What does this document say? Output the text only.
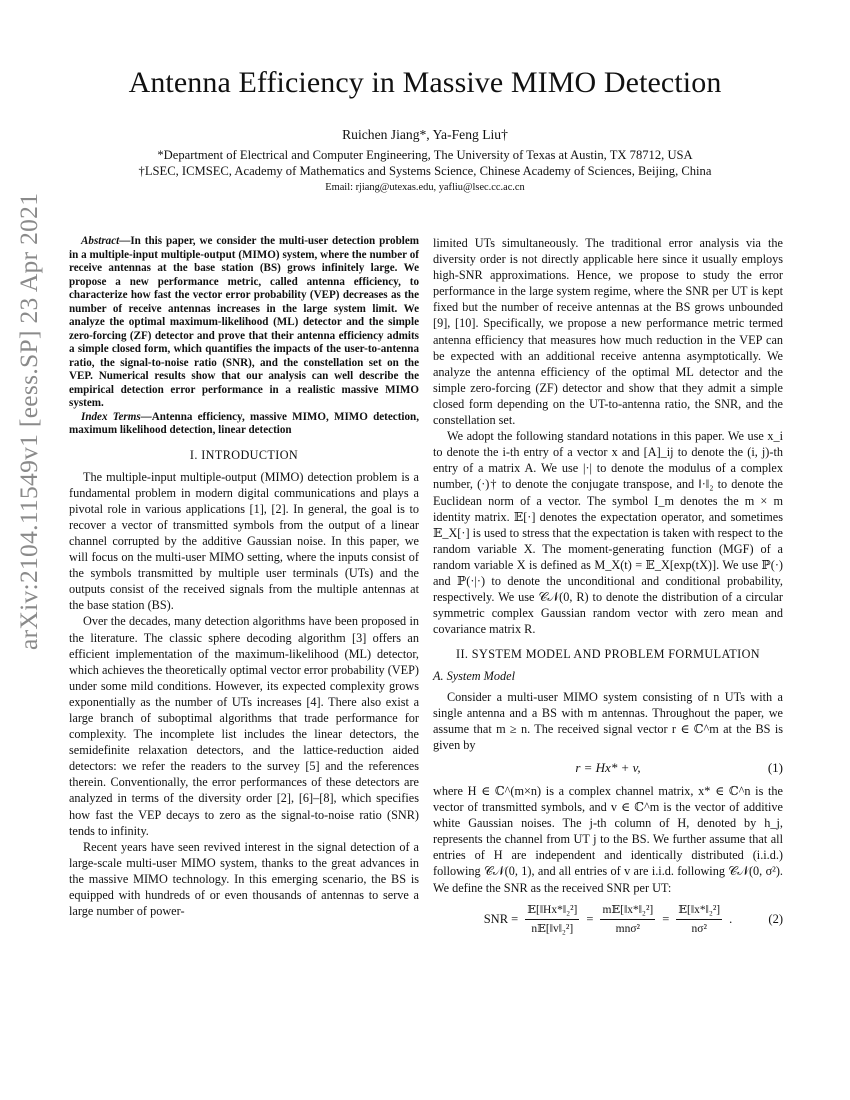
arXiv:2104.11549v1 [eess.SP] 23 Apr 2021
Antenna Efficiency in Massive MIMO Detection
Ruichen Jiang*, Ya-Feng Liu†
*Department of Electrical and Computer Engineering, The University of Texas at Austin, TX 78712, USA
†LSEC, ICMSEC, Academy of Mathematics and Systems Science, Chinese Academy of Sciences, Beijing, China
Email: rjiang@utexas.edu, yafliu@lsec.cc.ac.cn

Abstract—In this paper, we consider the multi-user detection problem in a multiple-input multiple-output (MIMO) system, where the number of receive antennas at the base station (BS) grows infinitely large. We propose a new performance metric, called antenna efficiency, to characterize how fast the vector error probability (VEP) decreases as the number of receive antennas increases in the large system limit. We analyze the optimal maximum-likelihood (ML) detector and the simple zero-forcing (ZF) detector and prove that their antenna efficiency admits a simple closed form, which quantifies the impacts of the user-to-antenna ratio, the signal-to-noise ratio (SNR), and the constellation set on the VEP. Numerical results show that our analysis can well describe the empirical detection error performance in a realistic massive MIMO system.

Index Terms—Antenna efficiency, massive MIMO, MIMO detection, maximum likelihood detection, linear detection

I. INTRODUCTION

The multiple-input multiple-output (MIMO) detection problem is a fundamental problem in modern digital communications and plays a pivotal role in various applications [1], [2]. In general, the goal is to recover a vector of transmitted symbols from the output of a linear channel corrupted by the additive Gaussian noise. In this paper, we will focus on the multi-user MIMO setting, where the inputs consist of the symbols transmitted by multiple user terminals (UTs) and the outputs consist of the received signals from the multiple antennas at the base station (BS).

Over the decades, many detection algorithms have been proposed in the literature. The classic sphere decoding algorithm [3] offers an efficient implementation of the maximum-likelihood (ML) detector, which achieves the theoretically optimal vector error probability (VEP) under some mild conditions. However, its expected complexity grows exponentially as the number of UTs increases [4]. There also exist a large branch of suboptimal algorithms that trade performance for complexity. The incomplete list includes the linear detectors, the semidefinite relaxation detectors, and the lattice-reduction aided detectors: we refer the readers to the survey [5] and the references therein. Conventionally, the error performances of these detectors are analyzed in terms of the diversity order [2], [6]–[8], which specifies how fast the VEP decays to zero as the signal-to-noise ratio (SNR) tends to infinity.

Recent years have seen revived interest in the signal detection of a large-scale multi-user MIMO system, thanks to the great advances in the massive MIMO technology. In this emerging scenario, the BS is equipped with hundreds of or even thousands of antennas to serve a large number of power-

limited UTs simultaneously. The traditional error analysis via the diversity order is not directly applicable here since it usually employs high-SNR approximations. Hence, we propose to study the error performance in the large system regime, where the SNR per UT is kept fixed but the number of receive antennas at the BS grows unbounded [9], [10]. Specifically, we propose a new performance metric termed antenna efficiency that measures how much reduction in the VEP can be expected with an additional receive antenna asymptotically. We analyze the antenna efficiency of the optimal ML detector and the simple zero-forcing (ZF) detector and show that they admit a simple closed form depending on the UT-to-antenna ratio, the SNR, and the constellation set.

We adopt the following standard notations in this paper. We use x_i to denote the i-th entry of a vector x and [A]_ij to denote the (i, j)-th entry of a matrix A. We use |·| to denote the modulus of a complex number, (·)† to denote the conjugate transpose, and ‖·‖₂ to denote the Euclidean norm of a vector. The symbol I_m denotes the m × m identity matrix. 𝔼[·] denotes the expectation operator, and sometimes 𝔼_X[·] is used to stress that the expectation is taken with respect to the random variable X. The moment-generating function (MGF) of a random variable X is defined as M_X(t) = 𝔼_X[exp(tX)]. We use ℙ(·) and ℙ(·|·) to denote the unconditional and conditional probability, respectively. We use 𝒞𝒩(0, R) to denote the distribution of a circular symmetric complex Gaussian random vector with zero mean and covariance matrix R.

II. SYSTEM MODEL AND PROBLEM FORMULATION
A. System Model

Consider a multi-user MIMO system consisting of n UTs with a single antenna and a BS with m antennas. Throughout the paper, we assume that m ≥ n. The received signal vector r ∈ ℂ^m at the BS is given by

r = Hx* + v,	(1)

where H ∈ ℂ^(m×n) is a complex channel matrix, x* ∈ ℂ^n is the vector of transmitted symbols, and v ∈ ℂ^m is the vector of additive white Gaussian noises. The j-th column of H, denoted by h_j, represents the channel from UT j to the BS. We further assume that all entries of H are independent and identically distributed (i.i.d.) following 𝒞𝒩(0, 1), and all entries of v are i.i.d. following 𝒞𝒩(0, σ²). We define the SNR as the received SNR per UT:

SNR = $\frac{\text{𝔼[‖Hx*‖₂²]}}{\text{n𝔼[‖v‖₂²]}} = \frac{\text{m𝔼[‖x*‖₂²]}}{\text{mnσ²}} = \frac{\text{𝔼[‖x*‖₂²]}}{\text{nσ²}}$ .	(2)
